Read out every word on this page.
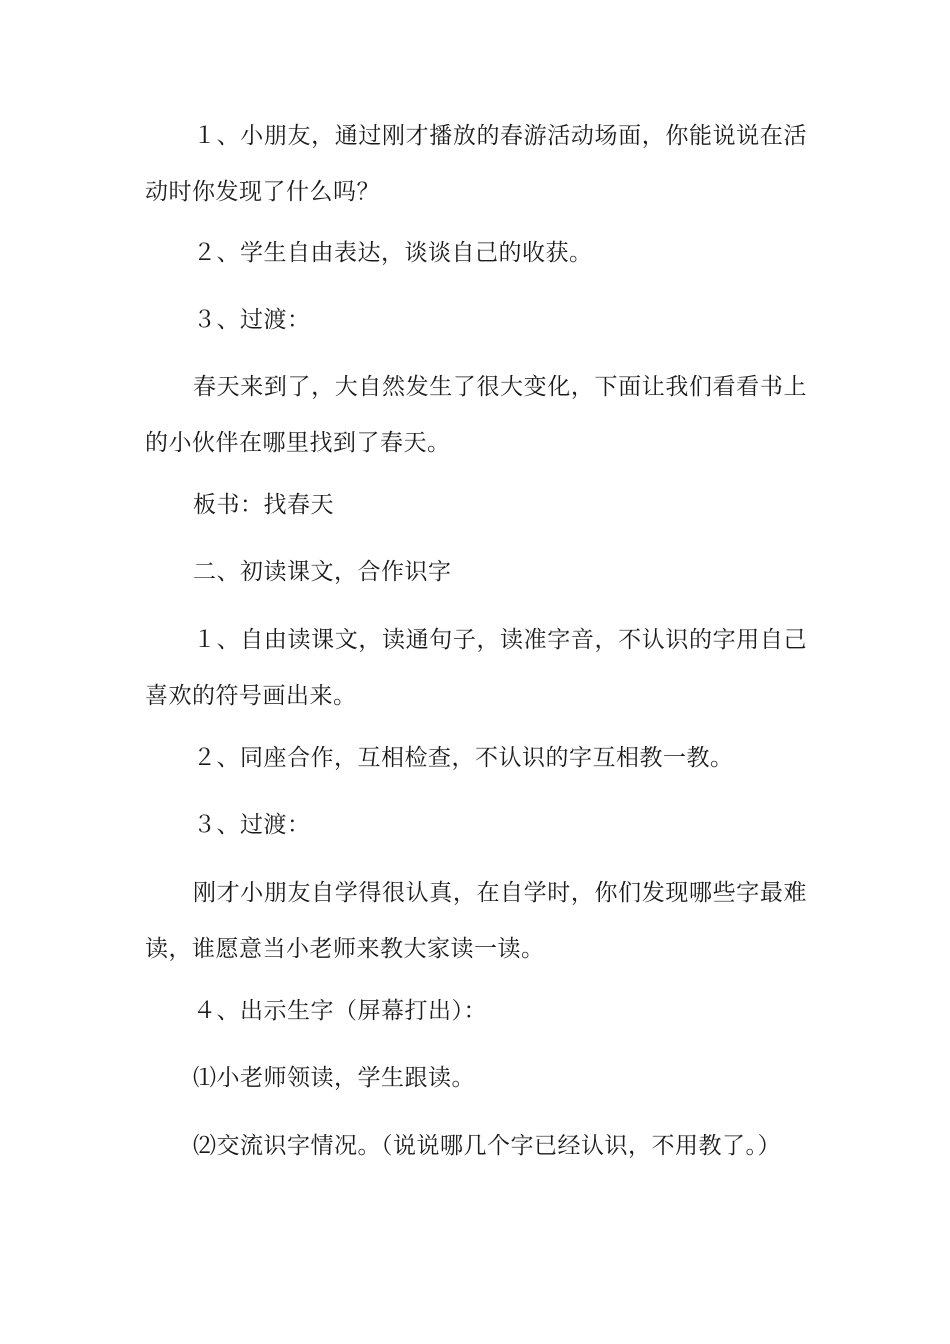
１、小朋友，通过刚才播放的春游活动场面，你能说说在活动时你发现了什么吗？

２、学生自由表达，谈谈自己的收获。

３、过渡：

春天来到了，大自然发生了很大变化，下面让我们看看书上的小伙伴在哪里找到了春天。

板书：找春天

二、初读课文，合作识字

１、自由读课文，读通句子，读准字音，不认识的字用自己喜欢的符号画出来。

２、同座合作，互相检查，不认识的字互相教一教。

３、过渡：

刚才小朋友自学得很认真，在自学时，你们发现哪些字最难读，谁愿意当小老师来教大家读一读。

４、出示生字（屏幕打出）：

⑴小老师领读，学生跟读。

⑵交流识字情况。（说说哪几个字已经认识，不用教了。）
